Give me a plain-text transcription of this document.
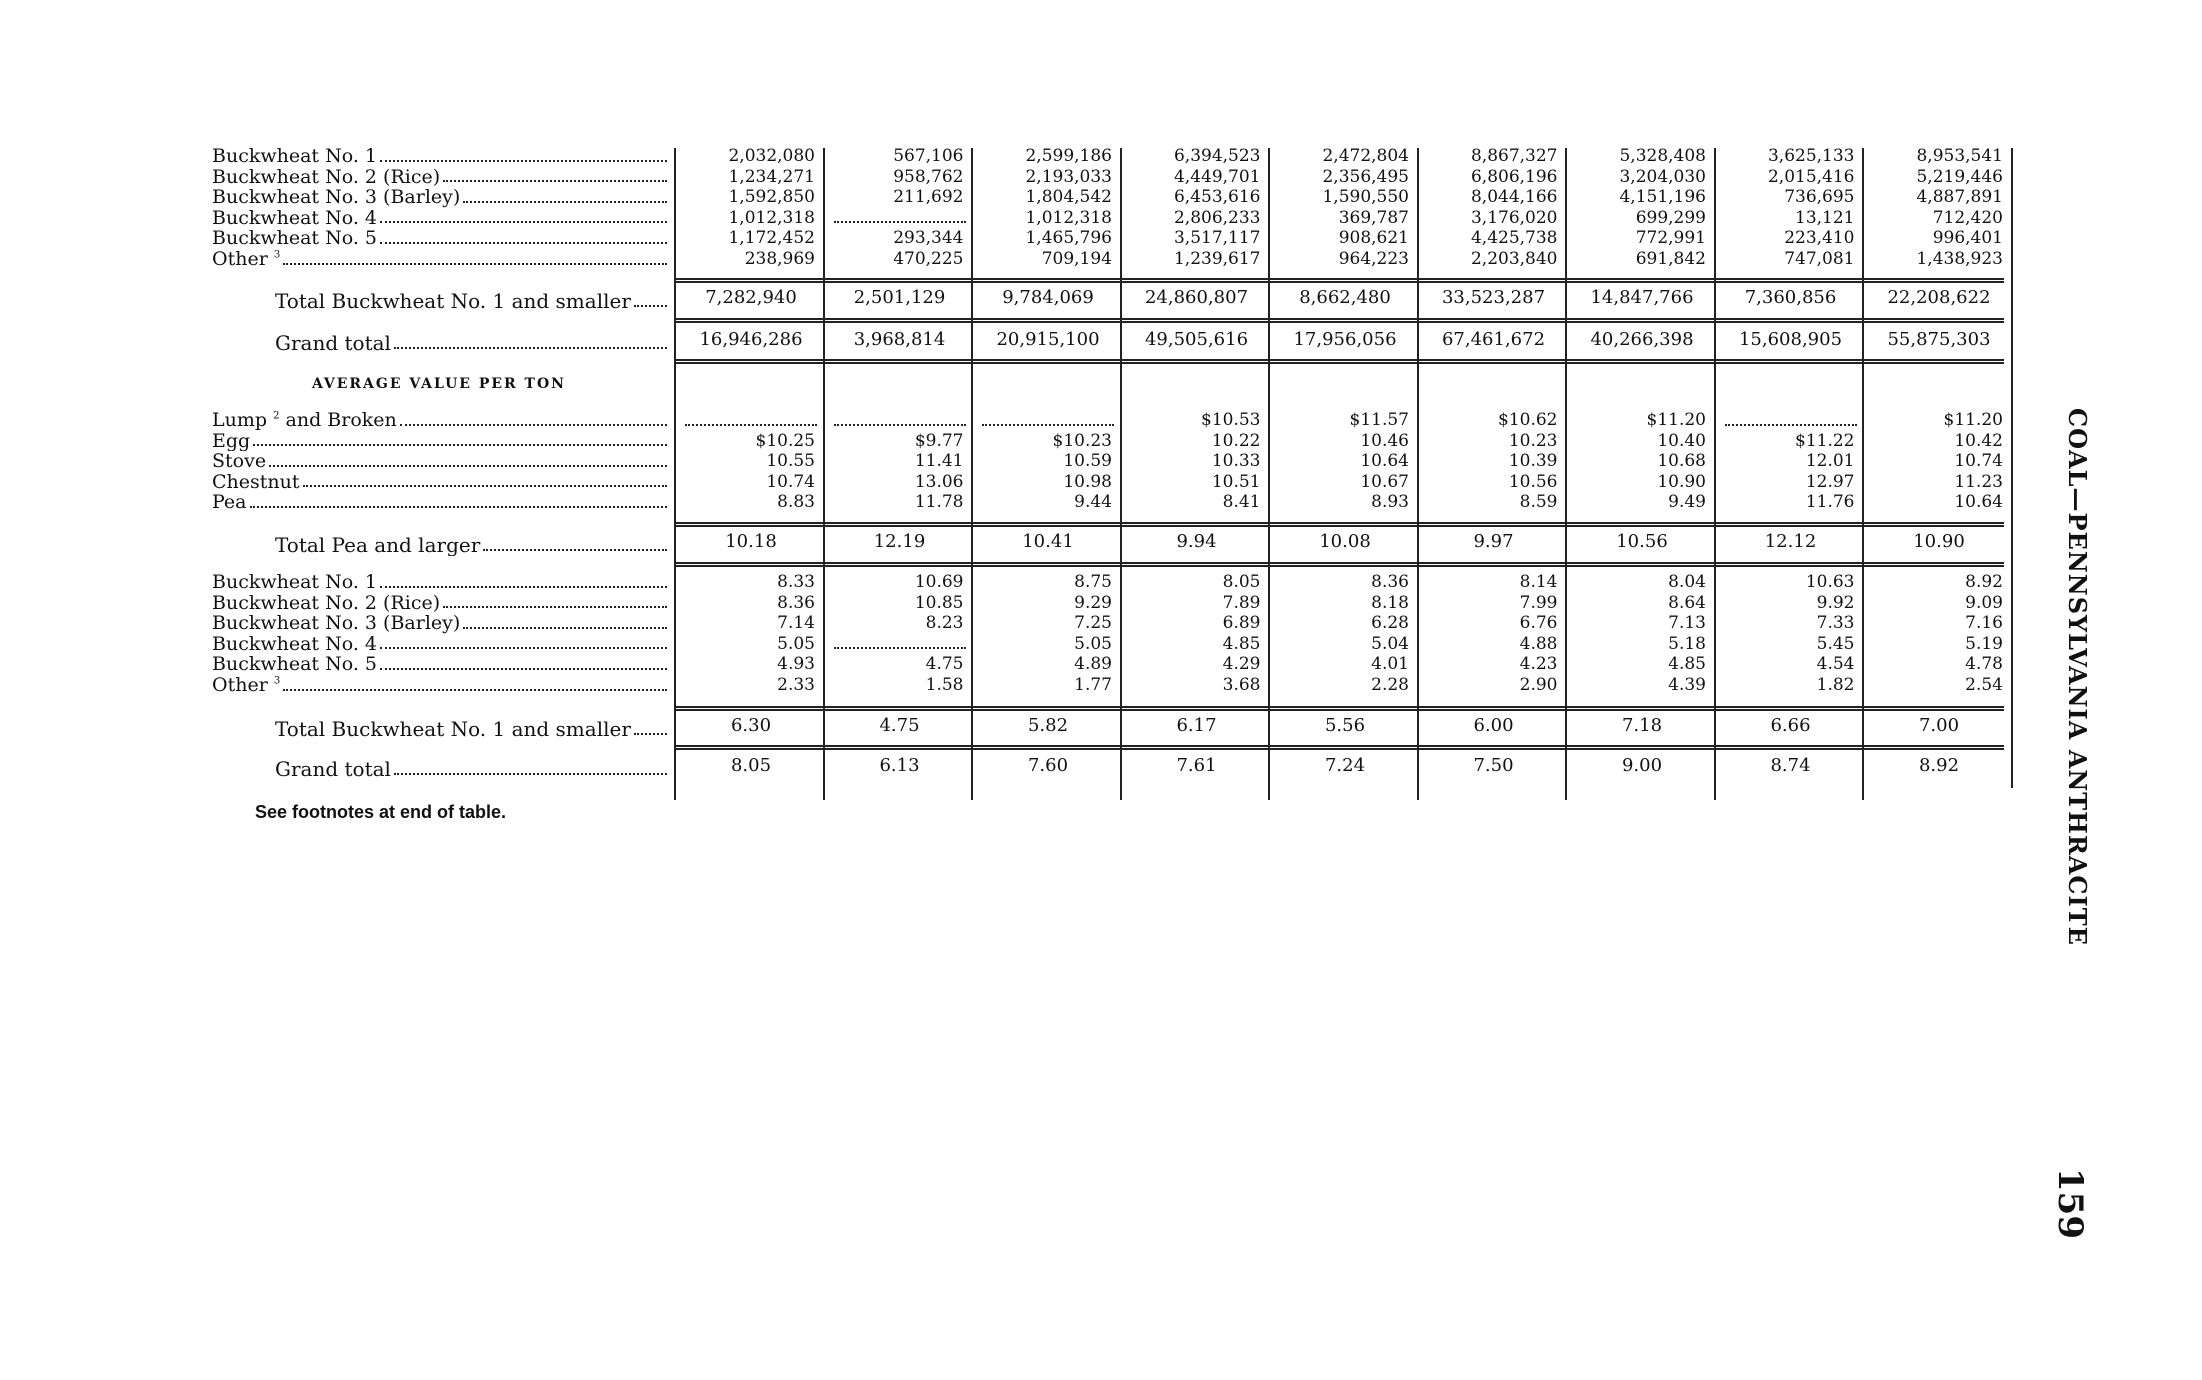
Buckwheat No. 1
Buckwheat No. 2 (Rice)
Buckwheat No. 3 (Barley)
Buckwheat No. 4
Buckwheat No. 5
Other $^3$
Total Buckwheat No. 1 and smaller
Grand total
AVERAGE VALUE PER TON
Lump $^2$ and Broken
Egg
Stove
Chestnut
Pea
Total Pea and larger
Buckwheat No. 1
Buckwheat No. 2 (Rice)
Buckwheat No. 3 (Barley)
Buckwheat No. 4
Buckwheat No. 5
Other $^3$
Total Buckwheat No. 1 and smaller
Grand total
2,032,080
1,234,271
1,592,850
1,012,318
1,172,452
238,969
7,282,940
16,946,286
$10.25
10.55
10.74
8.83
10.18
8.33
8.36
7.14
5.05
4.93
2.33
6.30
8.05
567,106
958,762
211,692
293,344
470,225
2,501,129
3,968,814
$9.77
11.41
13.06
11.78
12.19
10.69
10.85
8.23
4.75
1.58
4.75
6.13
2,599,186
2,193,033
1,804,542
1,012,318
1,465,796
709,194
9,784,069
20,915,100
$10.23
10.59
10.98
9.44
10.41
8.75
9.29
7.25
5.05
4.89
1.77
5.82
7.60
6,394,523
4,449,701
6,453,616
2,806,233
3,517,117
1,239,617
24,860,807
49,505,616
$10.53
10.22
10.33
10.51
8.41
9.94
8.05
7.89
6.89
4.85
4.29
3.68
6.17
7.61
2,472,804
2,356,495
1,590,550
369,787
908,621
964,223
8,662,480
17,956,056
$11.57
10.46
10.64
10.67
8.93
10.08
8.36
8.18
6.28
5.04
4.01
2.28
5.56
7.24
8,867,327
6,806,196
8,044,166
3,176,020
4,425,738
2,203,840
33,523,287
67,461,672
$10.62
10.23
10.39
10.56
8.59
9.97
8.14
7.99
6.76
4.88
4.23
2.90
6.00
7.50
5,328,408
3,204,030
4,151,196
699,299
772,991
691,842
14,847,766
40,266,398
$11.20
10.40
10.68
10.90
9.49
10.56
8.04
8.64
7.13
5.18
4.85
4.39
7.18
9.00
3,625,133
2,015,416
736,695
13,121
223,410
747,081
7,360,856
15,608,905
$11.22
12.01
12.97
11.76
12.12
10.63
9.92
7.33
5.45
4.54
1.82
6.66
8.74
8,953,541
5,219,446
4,887,891
712,420
996,401
1,438,923
22,208,622
55,875,303
$11.20
10.42
10.74
11.23
10.64
10.90
8.92
9.09
7.16
5.19
4.78
2.54
7.00
8.92
See footnotes at end of table.	COAL—PENNSYLVANIA ANTHRACITE
159
